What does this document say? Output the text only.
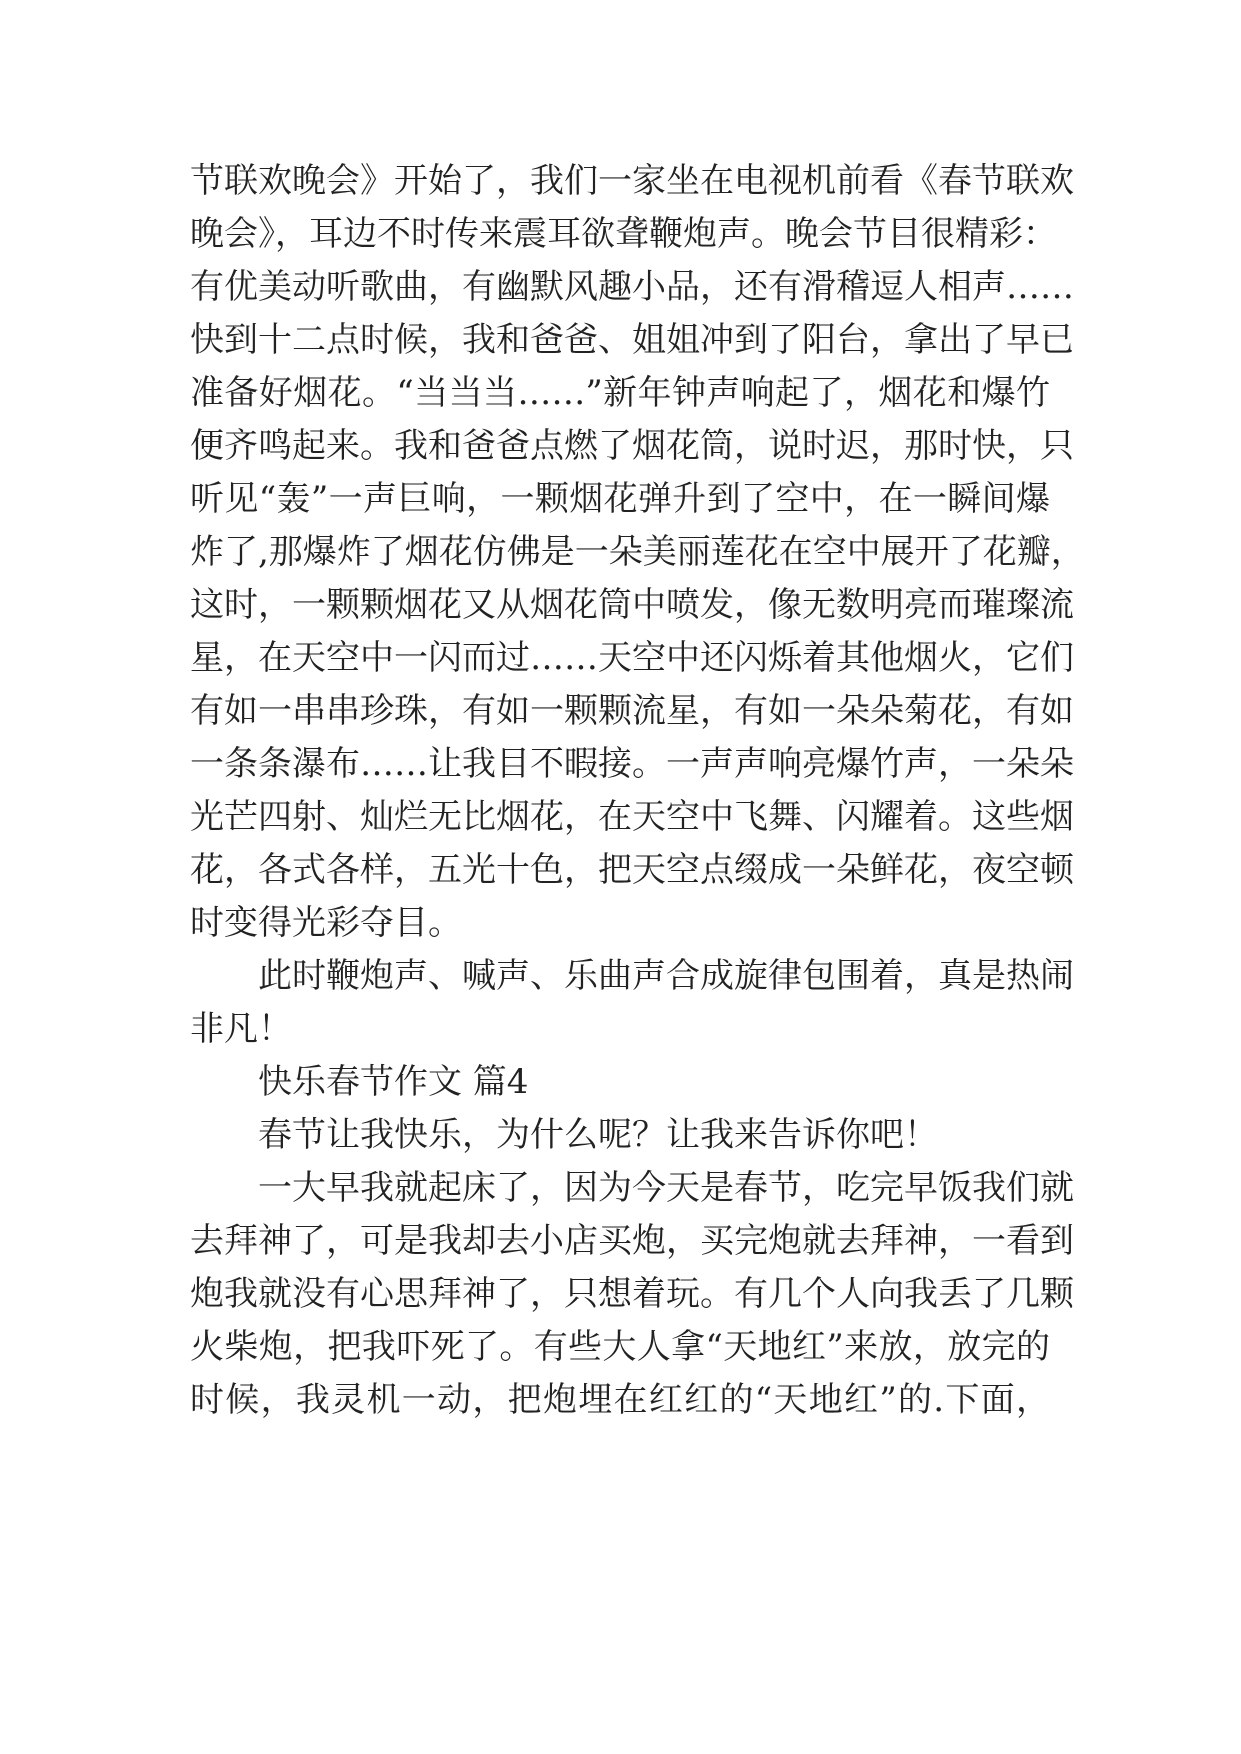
节联欢晚会》开始了，我们一家坐在电视机前看《春节联欢
晚会》，耳边不时传来震耳欲聋鞭炮声。晚会节目很精彩：
有优美动听歌曲，有幽默风趣小品，还有滑稽逗人相声……
快到十二点时候，我和爸爸、姐姐冲到了阳台，拿出了早已
准备好烟花。“当当当……”新年钟声响起了，烟花和爆竹
便齐鸣起来。我和爸爸点燃了烟花筒，说时迟，那时快，只
听见“轰”一声巨响，一颗烟花弹升到了空中，在一瞬间爆
炸了,那爆炸了烟花仿佛是一朵美丽莲花在空中展开了花瓣，
这时，一颗颗烟花又从烟花筒中喷发，像无数明亮而璀璨流
星，在天空中一闪而过……天空中还闪烁着其他烟火，它们
有如一串串珍珠，有如一颗颗流星，有如一朵朵菊花，有如
一条条瀑布……让我目不暇接。一声声响亮爆竹声，一朵朵
光芒四射、灿烂无比烟花，在天空中飞舞、闪耀着。这些烟
花，各式各样，五光十色，把天空点缀成一朵鲜花，夜空顿
时变得光彩夺目。
此时鞭炮声、喊声、乐曲声合成旋律包围着，真是热闹
非凡！
快乐春节作文 篇4
春节让我快乐，为什么呢？让我来告诉你吧！
一大早我就起床了，因为今天是春节，吃完早饭我们就
去拜神了，可是我却去小店买炮，买完炮就去拜神，一看到
炮我就没有心思拜神了，只想着玩。有几个人向我丢了几颗
火柴炮，把我吓死了。有些大人拿“天地红”来放，放完的
时候，我灵机一动，把炮埋在红红的“天地红”的.下面，
